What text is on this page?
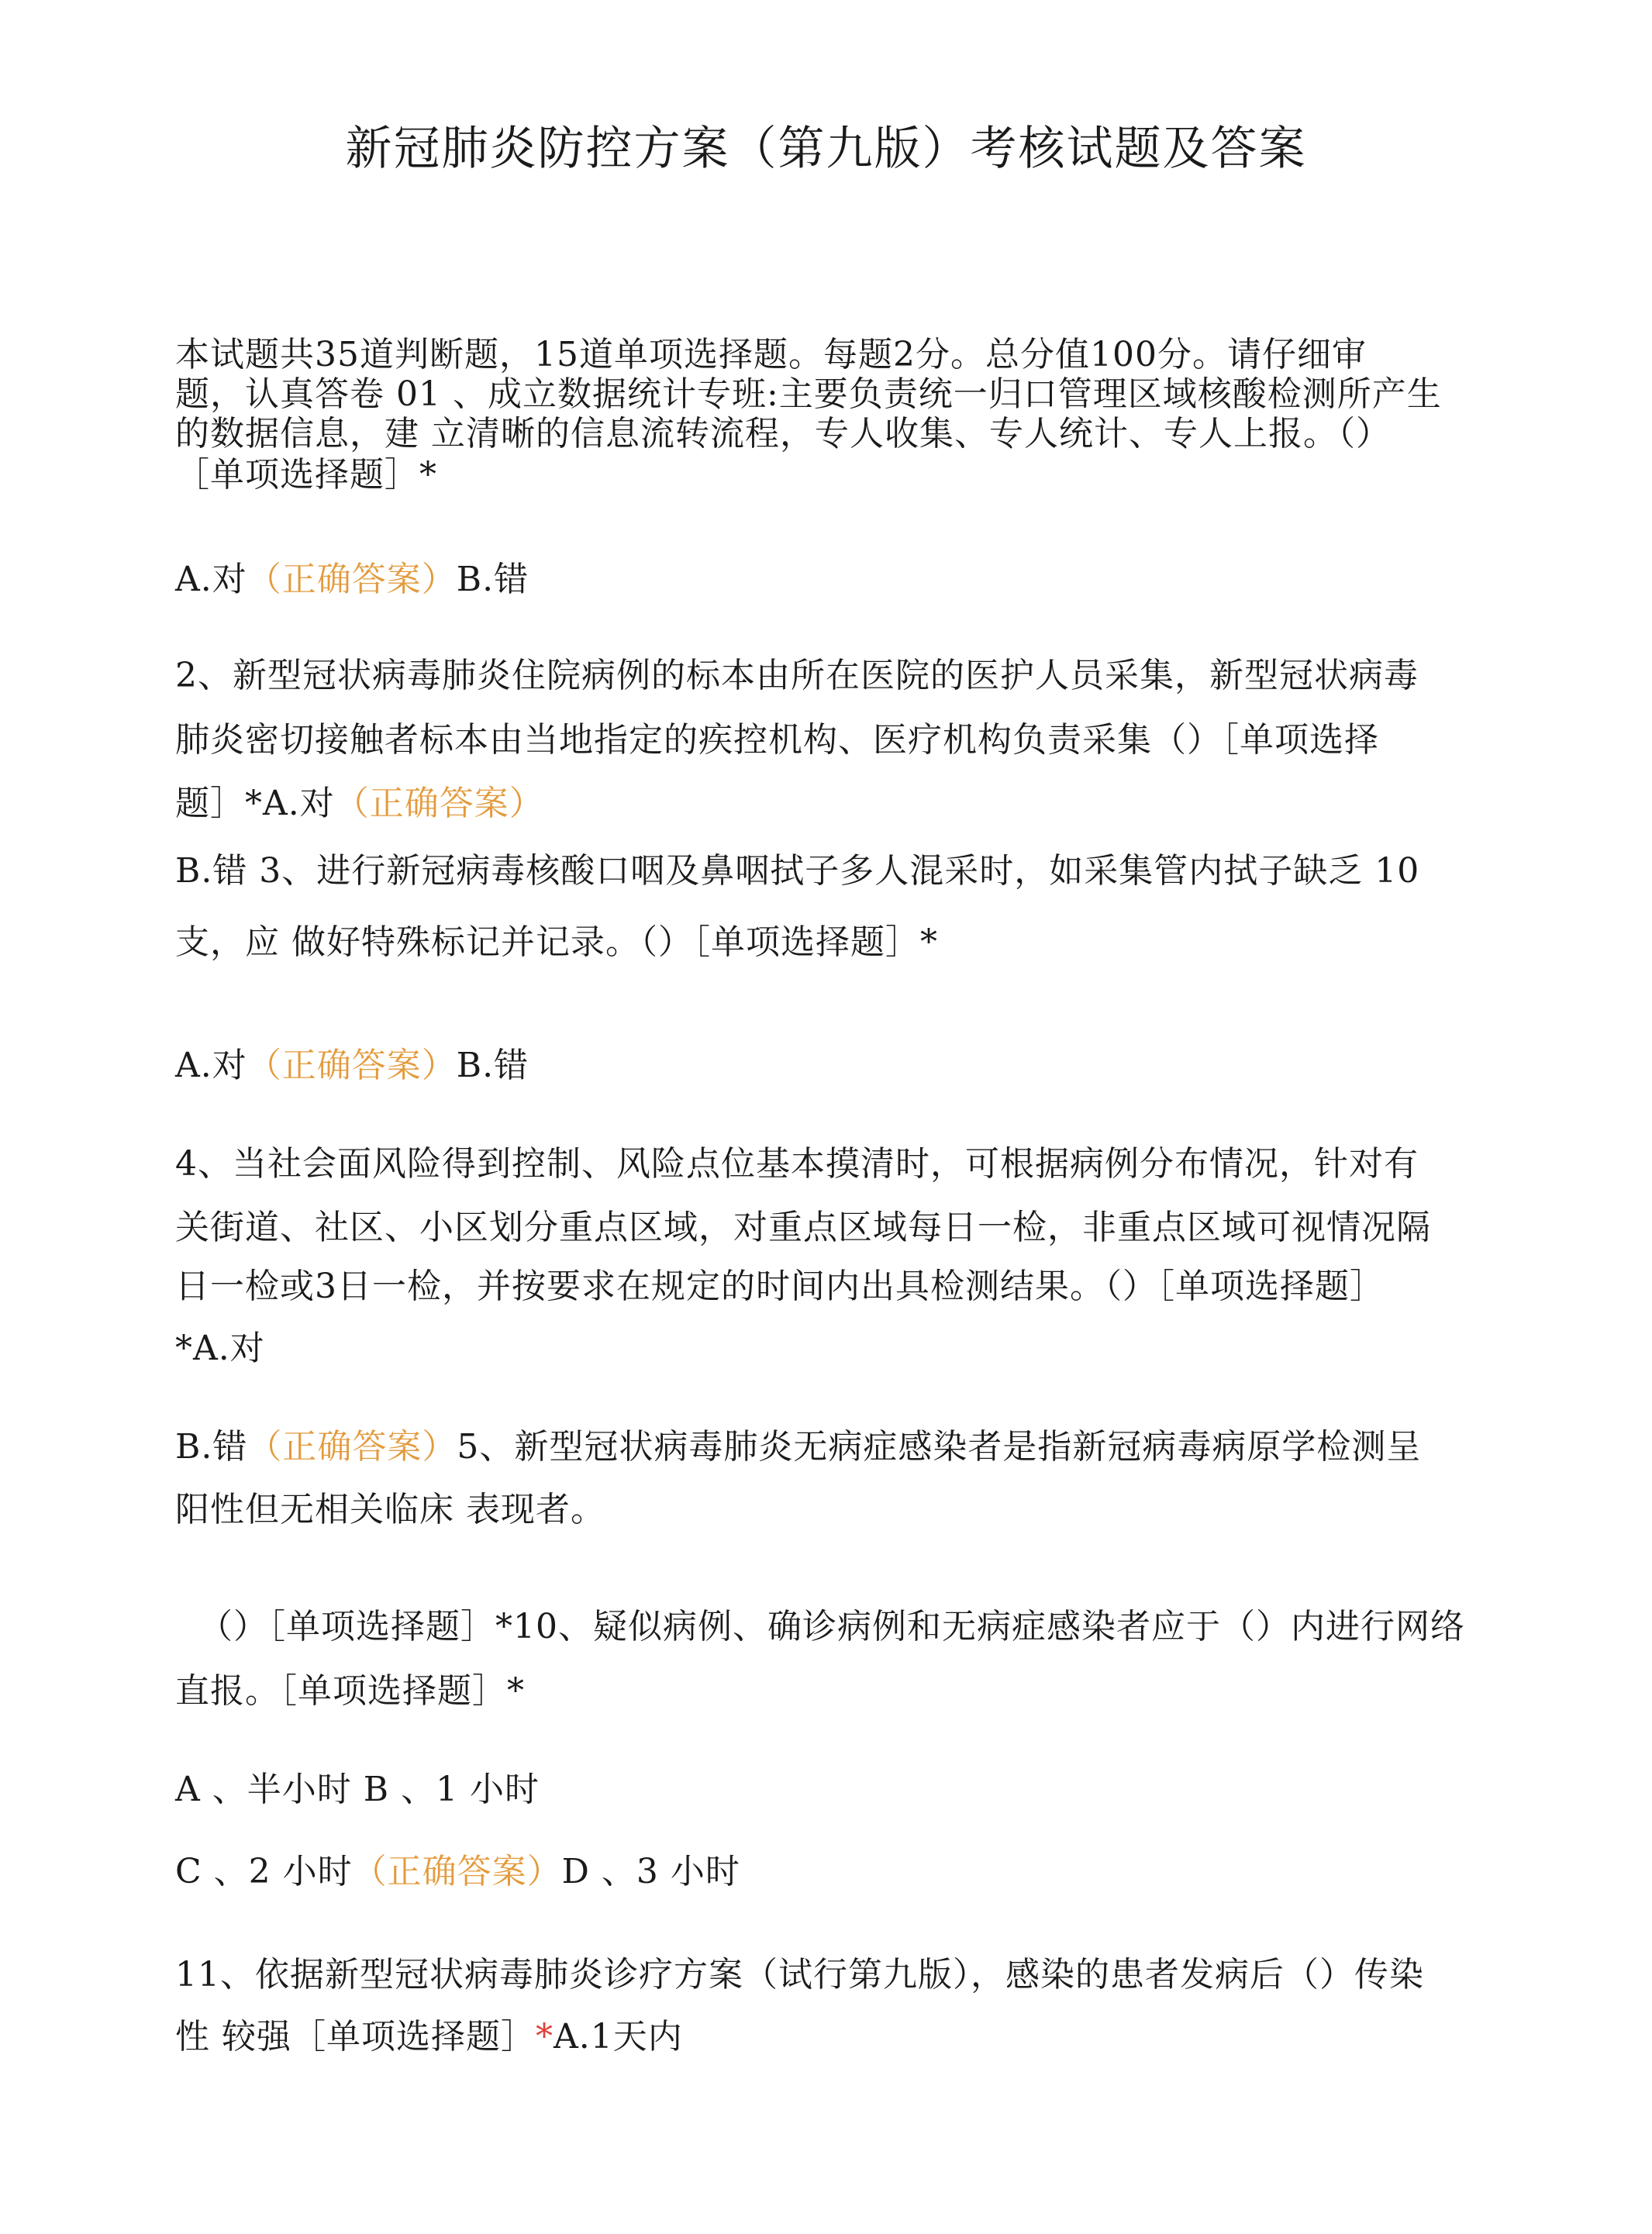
新冠肺炎防控方案（第九版）考核试题及答案
本试题共35道判断题，15道单项选择题。每题2分。总分值100分。请仔细审
题，认真答卷 01 、成立数据统计专班:主要负责统一归口管理区域核酸检测所产生
的数据信息，建 立清晰的信息流转流程，专人收集、专人统计、专人上报。（）
［单项选择题］*
A.对（正确答案）B.错
2、新型冠状病毒肺炎住院病例的标本由所在医院的医护人员采集，新型冠状病毒
肺炎密切接触者标本由当地指定的疾控机构、医疗机构负责采集（）［单项选择
题］*A.对（正确答案）
B.错 3、进行新冠病毒核酸口咽及鼻咽拭子多人混采时，如采集管内拭子缺乏 10
支，应 做好特殊标记并记录。（）［单项选择题］*
A.对（正确答案）B.错
4、当社会面风险得到控制、风险点位基本摸清时，可根据病例分布情况，针对有
关街道、社区、小区划分重点区域，对重点区域每日一检，非重点区域可视情况隔
日一检或3日一检，并按要求在规定的时间内出具检测结果。（）［单项选择题］
*A.对
B.错（正确答案）5、新型冠状病毒肺炎无病症感染者是指新冠病毒病原学检测呈
阳性但无相关临床 表现者。
（）［单项选择题］*10、疑似病例、确诊病例和无病症感染者应于（）内进行网络
直报。［单项选择题］*
A 、半小时 B 、1 小时
C 、2 小时（正确答案）D 、3 小时
11、依据新型冠状病毒肺炎诊疗方案（试行第九版），感染的患者发病后（）传染
性 较强［单项选择题］*A.1天内
